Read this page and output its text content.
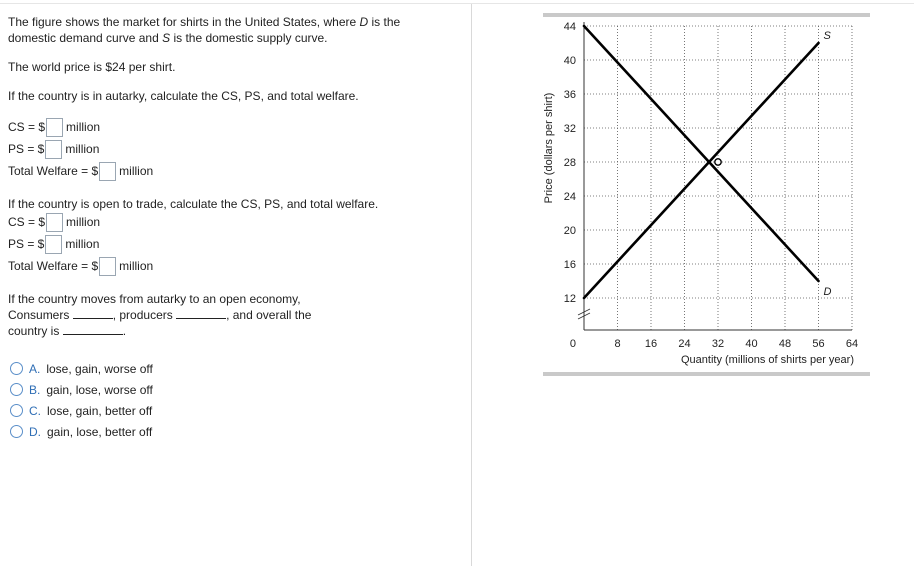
The figure shows the market for shirts in the United States, where D is the
domestic demand curve and S is the domestic supply curve.
The world price is $24 per shirt.
If the country is in autarky, calculate the CS, PS, and total welfare.
CS = $ million
PS = $ million
Total Welfare = $ million
If the country is open to trade, calculate the CS, PS, and total welfare.
CS = $ million
PS = $ million
Total Welfare = $ million
If the country moves from autarky to an open economy,
Consumers	, producers	, and overall the
country is	.
A. lose, gain, worse off
B. gain, lose, worse off
C. lose, gain, better off
D. gain, lose, better off
12
16
20
24
28
32
36
40
44
8 16 24 32 40 48 56 64
0
Quantity (millions of shirts per year)
Price (dollars per shirt)
S
D
